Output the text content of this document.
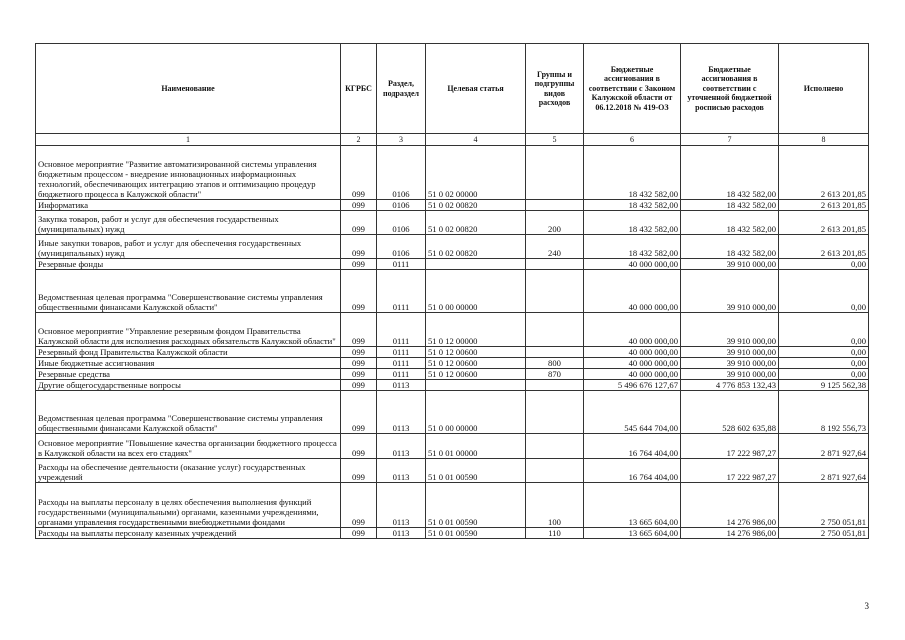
Наименование	КГРБС	Раздел, подраздел	Целевая статья	Группы и подгруппы видов расходов	Бюджетные ассигнования в соответствии с Законом Калужской области от 06.12.2018 № 419-ОЗ	Бюджетные ассигнования в соответствии с уточненной бюджетной росписью расходов	Исполнено
1	2	3	4	5	6	7	8
Основное мероприятие "Развитие автоматизированной системы управления бюджетным процессом - внедрение инновационных информационных технологий, обеспечивающих интеграцию этапов и оптимизацию процедур бюджетного процесса в Калужской области"	099	0106	51 0 02 00000		18 432 582,00	18 432 582,00	2 613 201,85
Информатика	099	0106	51 0 02 00820		18 432 582,00	18 432 582,00	2 613 201,85
Закупка товаров, работ и услуг для обеспечения государственных (муниципальных) нужд	099	0106	51 0 02 00820	200	18 432 582,00	18 432 582,00	2 613 201,85
Иные закупки товаров, работ и услуг для обеспечения государственных (муниципальных) нужд	099	0106	51 0 02 00820	240	18 432 582,00	18 432 582,00	2 613 201,85
Резервные фонды	099	0111			40 000 000,00	39 910 000,00	0,00
Ведомственная целевая программа "Совершенствование системы управления общественными финансами Калужской области"	099	0111	51 0 00 00000		40 000 000,00	39 910 000,00	0,00
Основное мероприятие "Управление резервным фондом Правительства Калужской области для исполнения расходных обязательств Калужской области"	099	0111	51 0 12 00000		40 000 000,00	39 910 000,00	0,00
Резервный фонд Правительства Калужской области	099	0111	51 0 12 00600		40 000 000,00	39 910 000,00	0,00
Иные бюджетные ассигнования	099	0111	51 0 12 00600	800	40 000 000,00	39 910 000,00	0,00
Резервные средства	099	0111	51 0 12 00600	870	40 000 000,00	39 910 000,00	0,00
Другие общегосударственные вопросы	099	0113			5 496 676 127,67	4 776 853 132,43	9 125 562,38
Ведомственная целевая программа "Совершенствование системы управления общественными финансами Калужской области"	099	0113	51 0 00 00000		545 644 704,00	528 602 635,88	8 192 556,73
Основное мероприятие "Повышение качества организации бюджетного процесса в Калужской области на всех его стадиях"	099	0113	51 0 01 00000		16 764 404,00	17 222 987,27	2 871 927,64
Расходы на обеспечение деятельности (оказание услуг) государственных учреждений	099	0113	51 0 01 00590		16 764 404,00	17 222 987,27	2 871 927,64
Расходы на выплаты персоналу в целях обеспечения выполнения функций государственными (муниципальными) органами, казенными учреждениями, органами управления государственными внебюджетными фондами	099	0113	51 0 01 00590	100	13 665 604,00	14 276 986,00	2 750 051,81
Расходы на выплаты персоналу казенных учреждений	099	0113	51 0 01 00590	110	13 665 604,00	14 276 986,00	2 750 051,81
3
